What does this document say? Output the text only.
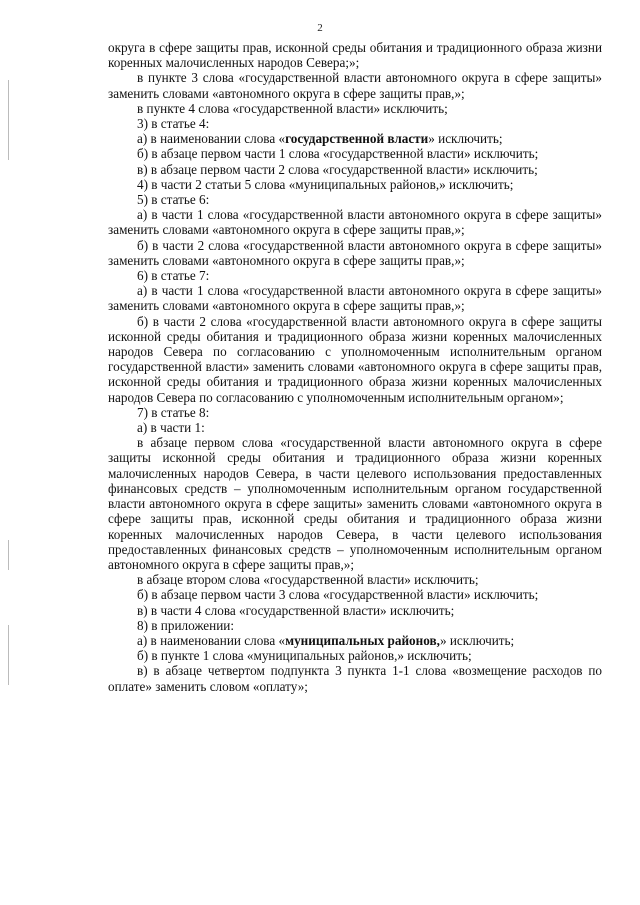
2

округа в сфере защиты прав, исконной среды обитания и традиционного образа жизни коренных малочисленных народов Севера;»;

в пункте 3 слова «государственной власти автономного округа в сфере защиты» заменить словами «автономного округа в сфере защиты прав,»;

в пункте 4 слова «государственной власти» исключить;

3) в статье 4:

а) в наименовании слова «государственной власти» исключить;

б) в абзаце первом части 1 слова «государственной власти» исключить;

в) в абзаце первом части 2 слова «государственной власти» исключить;

4) в части 2 статьи 5 слова «муниципальных районов,» исключить;

5) в статье 6:

а) в части 1 слова «государственной власти автономного округа в сфере защиты» заменить словами «автономного округа в сфере защиты прав,»;

б) в части 2 слова «государственной власти автономного округа в сфере защиты» заменить словами «автономного округа в сфере защиты прав,»;

6) в статье 7:

а) в части 1 слова «государственной власти автономного округа в сфере защиты» заменить словами «автономного округа в сфере защиты прав,»;

б) в части 2 слова «государственной власти автономного округа в сфере защиты исконной среды обитания и традиционного образа жизни коренных малочисленных народов Севера по согласованию с уполномоченным исполнительным органом государственной власти» заменить словами «автономного округа в сфере защиты прав, исконной среды обитания и традиционного образа жизни коренных малочисленных народов Севера по согласованию с уполномоченным исполнительным органом»;

7) в статье 8:

а) в части 1:

в абзаце первом слова «государственной власти автономного округа в сфере защиты исконной среды обитания и традиционного образа жизни коренных малочисленных народов Севера, в части целевого использования предоставленных финансовых средств – уполномоченным исполнительным органом государственной власти автономного округа в сфере защиты» заменить словами «автономного округа в сфере защиты прав, исконной среды обитания и традиционного образа жизни коренных малочисленных народов Севера, в части целевого использования предоставленных финансовых средств – уполномоченным исполнительным органом автономного округа в сфере защиты прав,»;

в абзаце втором слова «государственной власти» исключить;

б) в абзаце первом части 3 слова «государственной власти» исключить;

в) в части 4 слова «государственной власти» исключить;

8) в приложении:

а) в наименовании слова «муниципальных районов,» исключить;

б) в пункте 1 слова «муниципальных районов,» исключить;

в) в абзаце четвертом подпункта 3 пункта 1-1 слова «возмещение расходов по оплате» заменить словом «оплату»;
